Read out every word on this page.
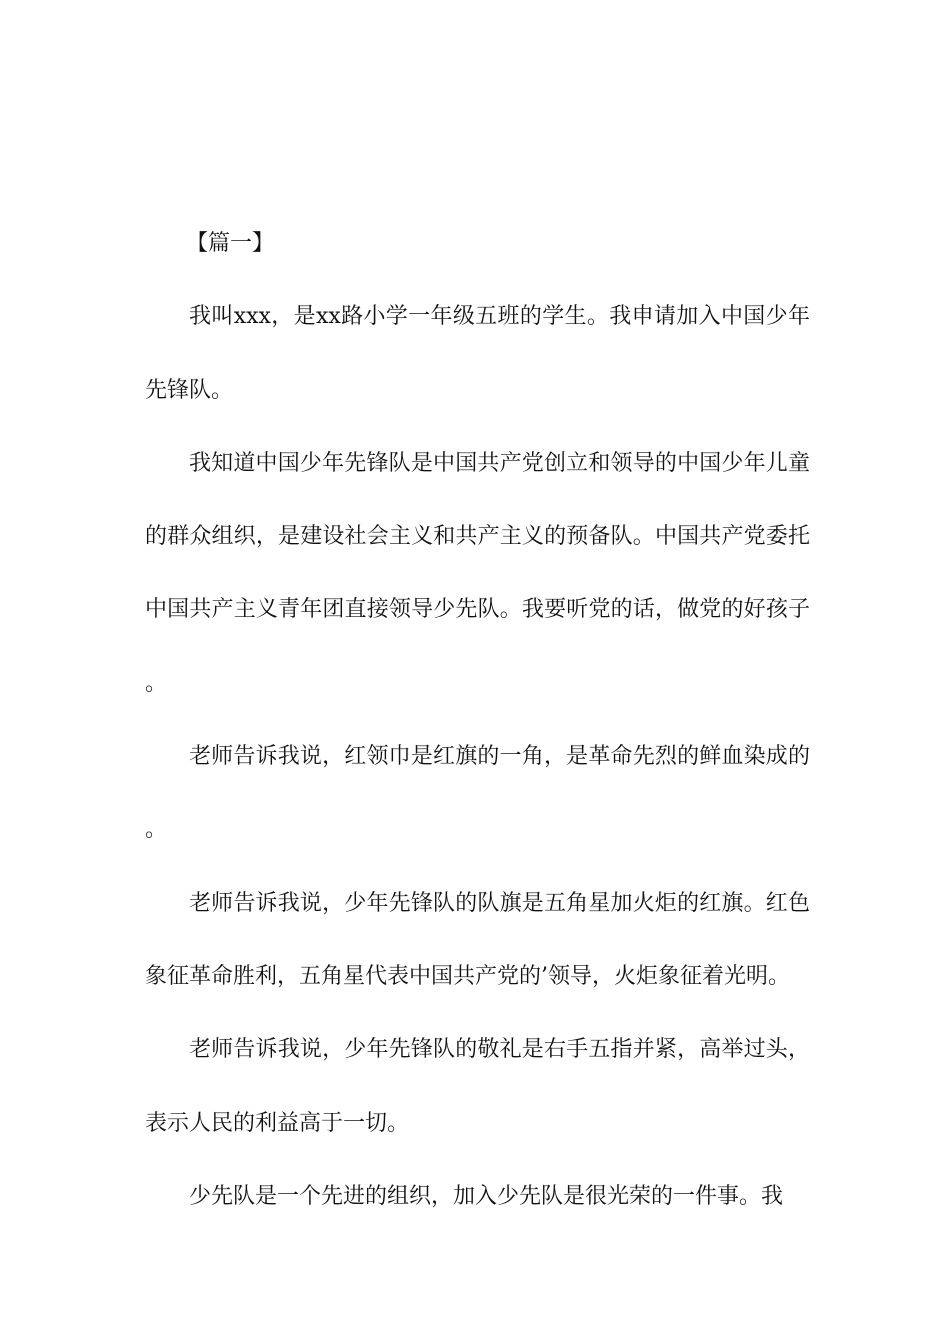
【篇一】

我叫xxx，是xx路小学一年级五班的学生。我申请加入中国少年先锋队。

我知道中国少年先锋队是中国共产党创立和领导的中国少年儿童的群众组织，是建设社会主义和共产主义的预备队。中国共产党委托中国共产主义青年团直接领导少先队。我要听党的话，做党的好孩子。

老师告诉我说，红领巾是红旗的一角，是革命先烈的鲜血染成的。

老师告诉我说，少年先锋队的队旗是五角星加火炬的红旗。红色象征革命胜利，五角星代表中国共产党的’领导，火炬象征着光明。

老师告诉我说，少年先锋队的敬礼是右手五指并紧，高举过头，表示人民的利益高于一切。

少先队是一个先进的组织，加入少先队是很光荣的一件事。我
